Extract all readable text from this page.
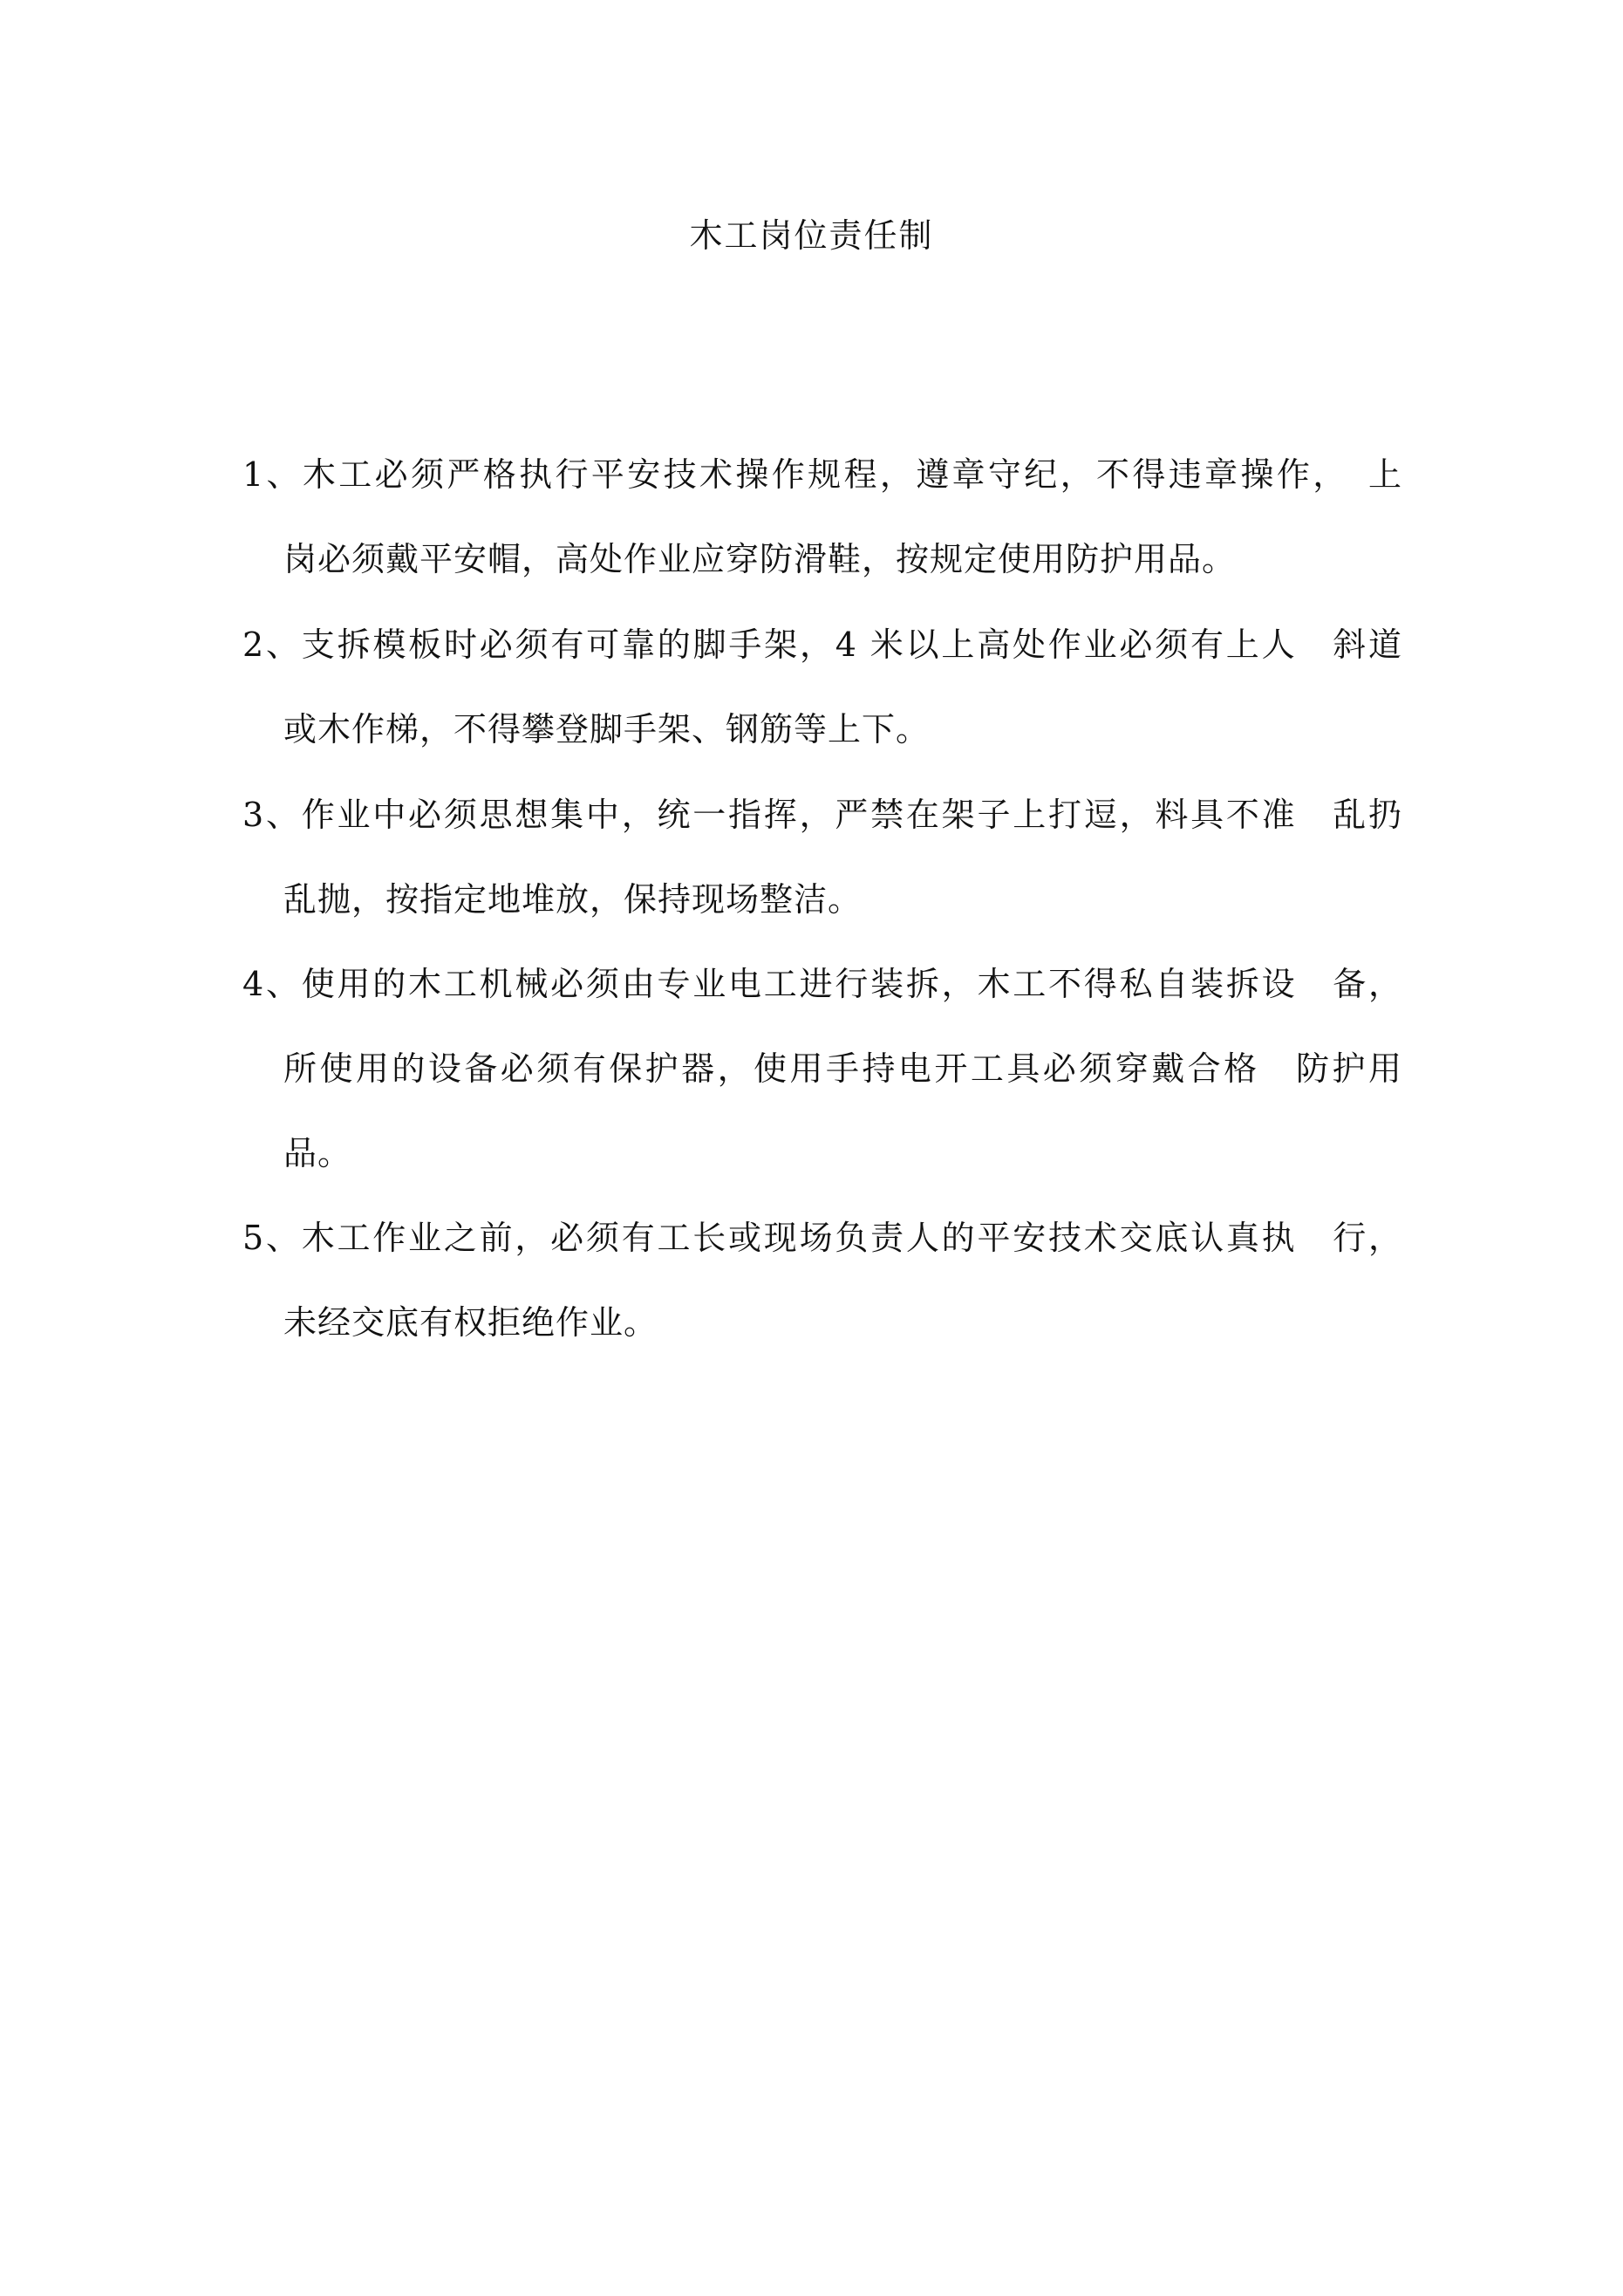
木工岗位责任制
1、木工必须严格执行平安技术操作规程，遵章守纪，不得违章操作，　上
岗必须戴平安帽，高处作业应穿防滑鞋，按规定使用防护用品。
2、支拆模板时必须有可靠的脚手架，4 米以上高处作业必须有上人　斜道
或木作梯，不得攀登脚手架、钢筋等上下。
3、作业中必须思想集中，统一指挥，严禁在架子上打逗，料具不准　乱扔
乱抛，按指定地堆放，保持现场整洁。
4、使用的木工机械必须由专业电工进行装拆，木工不得私自装拆设　备，
所使用的设备必须有保护器，使用手持电开工具必须穿戴合格　防护用
品。
5、木工作业之前，必须有工长或现场负责人的平安技术交底认真执　行，
未经交底有权拒绝作业。
